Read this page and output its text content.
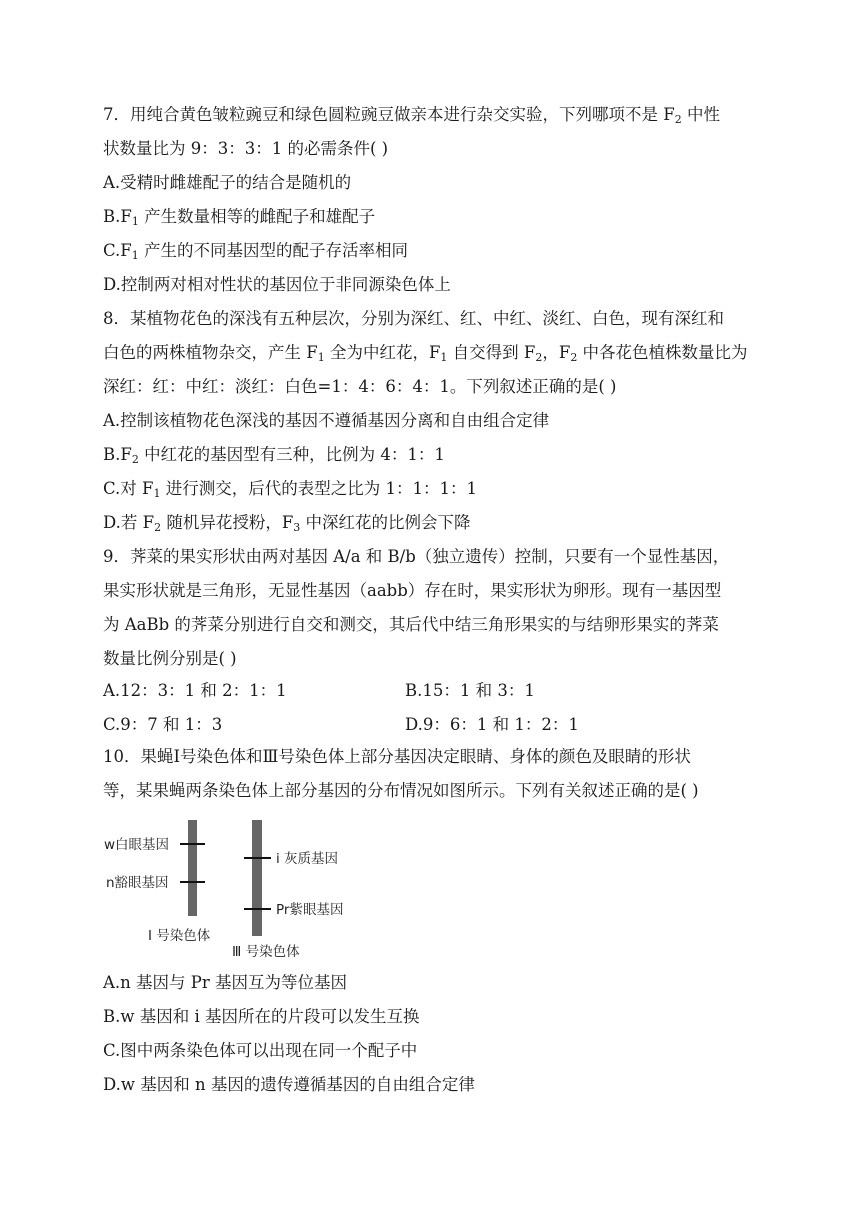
7．用纯合黄色皱粒豌豆和绿色圆粒豌豆做亲本进行杂交实验，下列哪项不是 $F_2$ 中性
状数量比为 9：3：3：1 的必需条件( )
A.受精时雌雄配子的结合是随机的
$B.F_1$ 产生数量相等的雌配子和雄配子
$C.F_1$ 产生的不同基因型的配子存活率相同
D.控制两对相对性状的基因位于非同源染色体上
8．某植物花色的深浅有五种层次，分别为深红、红、中红、淡红、白色，现有深红和
白色的两株植物杂交，产生 $F_1$ 全为中红花，$F_1$ 自交得到 $F_2$，$F_2$ 中各花色植株数量比为
深红：红：中红：淡红：白色=1：4：6：4：1。下列叙述正确的是( )
A.控制该植物花色深浅的基因不遵循基因分离和自由组合定律
$B.F_2$ 中红花的基因型有三种，比例为 4：1：1
C.对 $F_1$ 进行测交，后代的表型之比为 1：1：1：1
D.若 $F_2$ 随机异花授粉，$F_3$ 中深红花的比例会下降
9．荠菜的果实形状由两对基因 A/a 和 B/b（独立遗传）控制，只要有一个显性基因，
果实形状就是三角形，无显性基因（aabb）存在时，果实形状为卵形。现有一基因型
为 AaBb 的荠菜分别进行自交和测交，其后代中结三角形果实的与结卵形果实的荠菜
数量比例分别是( )
A.12：3：1 和 2：1：1	B.15：1 和 3：1
C.9：7 和 1：3	D.9：6：1 和 1：2：1
10．果蝇Ⅰ号染色体和Ⅲ号染色体上部分基因决定眼睛、身体的颜色及眼睛的形状
等，某果蝇两条染色体上部分基因的分布情况如图所示。下列有关叙述正确的是( )
w白眼基因
n豁眼基因
Ⅰ 号染色体
i 灰质基因
Pr紫眼基因
Ⅲ 号染色体
A.n 基因与 Pr 基因互为等位基因
B.w 基因和 i 基因所在的片段可以发生互换
C.图中两条染色体可以出现在同一个配子中
D.w 基因和 n 基因的遗传遵循基因的自由组合定律
